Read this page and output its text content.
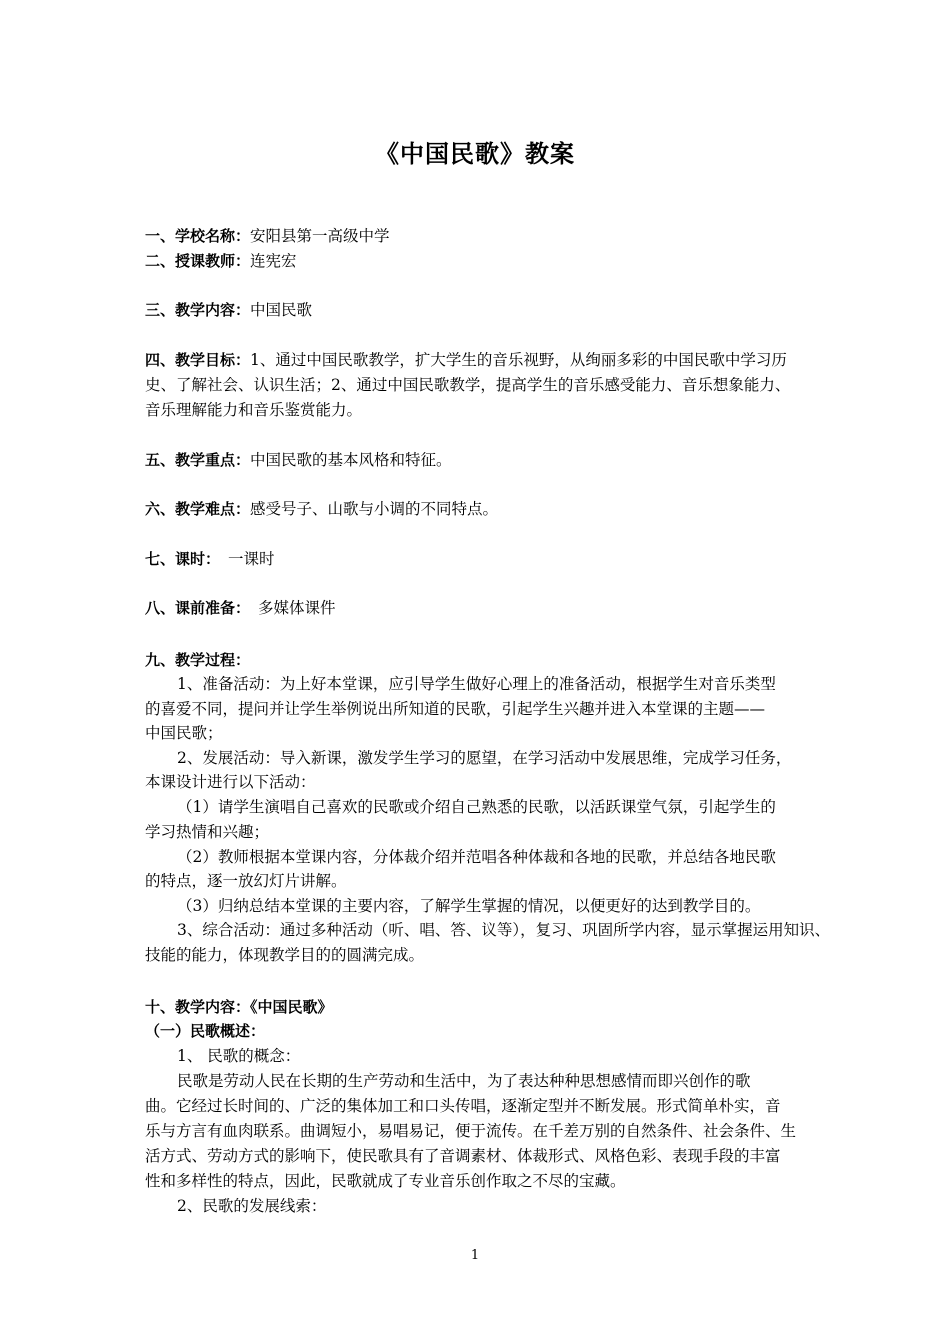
《中国民歌》教案
一、学校名称：安阳县第一高级中学
二、授课教师：连宪宏
三、教学内容：中国民歌
四、教学目标：1、通过中国民歌教学，扩大学生的音乐视野，从绚丽多彩的中国民歌中学习历
史、了解社会、认识生活；2、通过中国民歌教学，提高学生的音乐感受能力、音乐想象能力、
音乐理解能力和音乐鉴赏能力。
五、教学重点：中国民歌的基本风格和特征。
六、教学难点：感受号子、山歌与小调的不同特点。
七、课时： 一课时
八、课前准备： 多媒体课件
九、教学过程：
1、准备活动：为上好本堂课，应引导学生做好心理上的准备活动，根据学生对音乐类型
的喜爱不同，提问并让学生举例说出所知道的民歌，引起学生兴趣并进入本堂课的主题——
中国民歌；
2、发展活动：导入新课，激发学生学习的愿望，在学习活动中发展思维，完成学习任务，
本课设计进行以下活动：
（1）请学生演唱自己喜欢的民歌或介绍自己熟悉的民歌，以活跃课堂气氛，引起学生的
学习热情和兴趣；
（2）教师根据本堂课内容，分体裁介绍并范唱各种体裁和各地的民歌，并总结各地民歌
的特点，逐一放幻灯片讲解。
（3）归纳总结本堂课的主要内容，了解学生掌握的情况，以便更好的达到教学目的。
3、综合活动：通过多种活动（听、唱、答、议等），复习、巩固所学内容，显示掌握运用知识、
技能的能力，体现教学目的的圆满完成。
十、教学内容：《中国民歌》
（一）民歌概述：
1、 民歌的概念：
民歌是劳动人民在长期的生产劳动和生活中，为了表达种种思想感情而即兴创作的歌
曲。它经过长时间的、广泛的集体加工和口头传唱，逐渐定型并不断发展。形式简单朴实，音
乐与方言有血肉联系。曲调短小，易唱易记，便于流传。在千差万别的自然条件、社会条件、生
活方式、劳动方式的影响下，使民歌具有了音调素材、体裁形式、风格色彩、表现手段的丰富
性和多样性的特点，因此，民歌就成了专业音乐创作取之不尽的宝藏。
2、民歌的发展线索：
1
